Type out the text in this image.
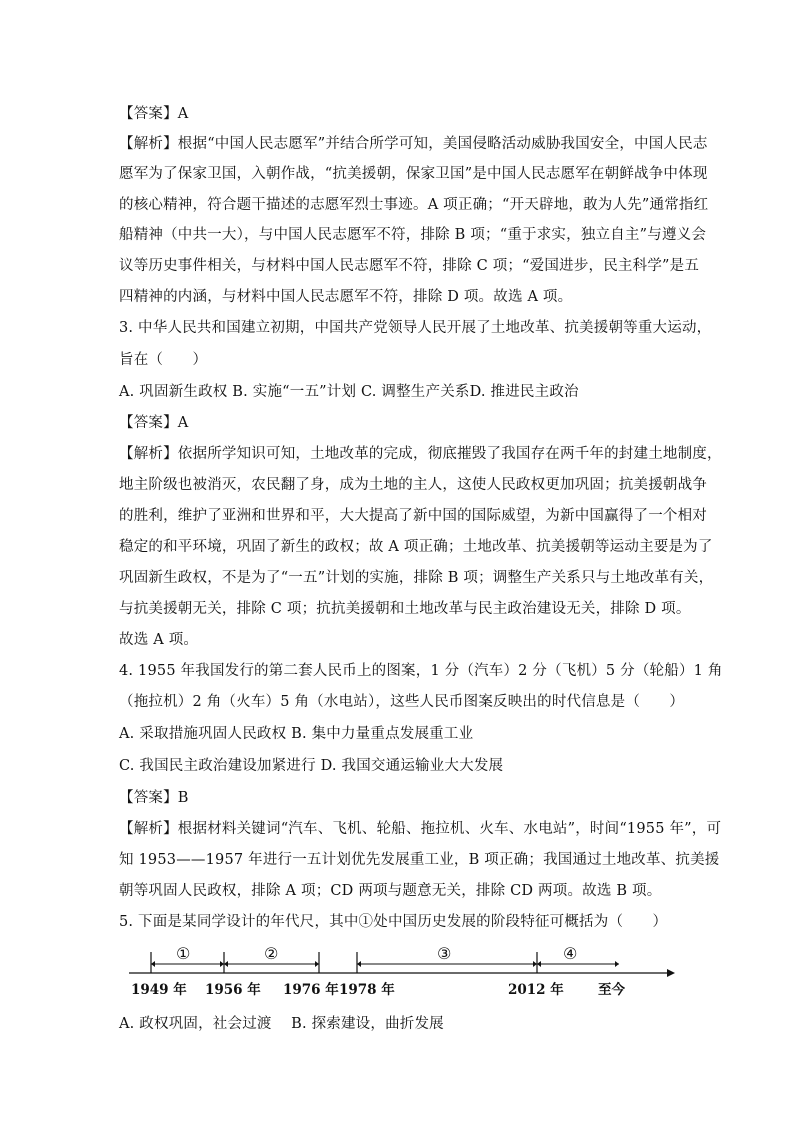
【答案】A
【解析】根据“中国人民志愿军”并结合所学可知，美国侵略活动威胁我国安全，中国人民志
愿军为了保家卫国，入朝作战，“抗美援朝，保家卫国”是中国人民志愿军在朝鲜战争中体现
的核心精神，符合题干描述的志愿军烈士事迹。A 项正确；“开天辟地，敢为人先”通常指红
船精神（中共一大），与中国人民志愿军不符，排除 B 项；“重于求实，独立自主”与遵义会
议等历史事件相关，与材料中国人民志愿军不符，排除 C 项；“爱国进步，民主科学”是五
四精神的内涵，与材料中国人民志愿军不符，排除 D 项。故选 A 项。
3. 中华人民共和国建立初期，中国共产党领导人民开展了土地改革、抗美援朝等重大运动，
旨在（　　）
A. 巩固新生政权 B. 实施“一五”计划 C. 调整生产关系D. 推进民主政治
【答案】A
【解析】依据所学知识可知，土地改革的完成，彻底摧毁了我国存在两千年的封建土地制度，
地主阶级也被消灭，农民翻了身，成为土地的主人，这使人民政权更加巩固；抗美援朝战争
的胜利，维护了亚洲和世界和平，大大提高了新中国的国际威望，为新中国赢得了一个相对
稳定的和平环境，巩固了新生的政权；故 A 项正确；土地改革、抗美援朝等运动主要是为了
巩固新生政权，不是为了“一五”计划的实施，排除 B 项；调整生产关系只与土地改革有关，
与抗美援朝无关，排除 C 项；抗抗美援朝和土地改革与民主政治建设无关，排除 D 项。
故选 A 项。
4. 1955 年我国发行的第二套人民币上的图案，1 分（汽车）2 分（飞机）5 分（轮船）1 角
（拖拉机）2 角（火车）5 角（水电站），这些人民币图案反映出的时代信息是（　　）
A. 采取措施巩固人民政权 B. 集中力量重点发展重工业
C. 我国民主政治建设加紧进行 D. 我国交通运输业大大发展
【答案】B
【解析】根据材料关键词“汽车、飞机、轮船、拖拉机、火车、水电站”，时间“1955 年”，可
知 1953——1957 年进行一五计划优先发展重工业，B 项正确；我国通过土地改革、抗美援
朝等巩固人民政权，排除 A 项；CD 两项与题意无关，排除 CD 两项。故选 B 项。
5. 下面是某同学设计的年代尺，其中①处中国历史发展的阶段特征可概括为（　　）
①	②	③	④
1949 年 1956 年 1976 年 1978 年	2012 年	至今
A. 政权巩固，社会过渡　 B. 探索建设，曲折发展
